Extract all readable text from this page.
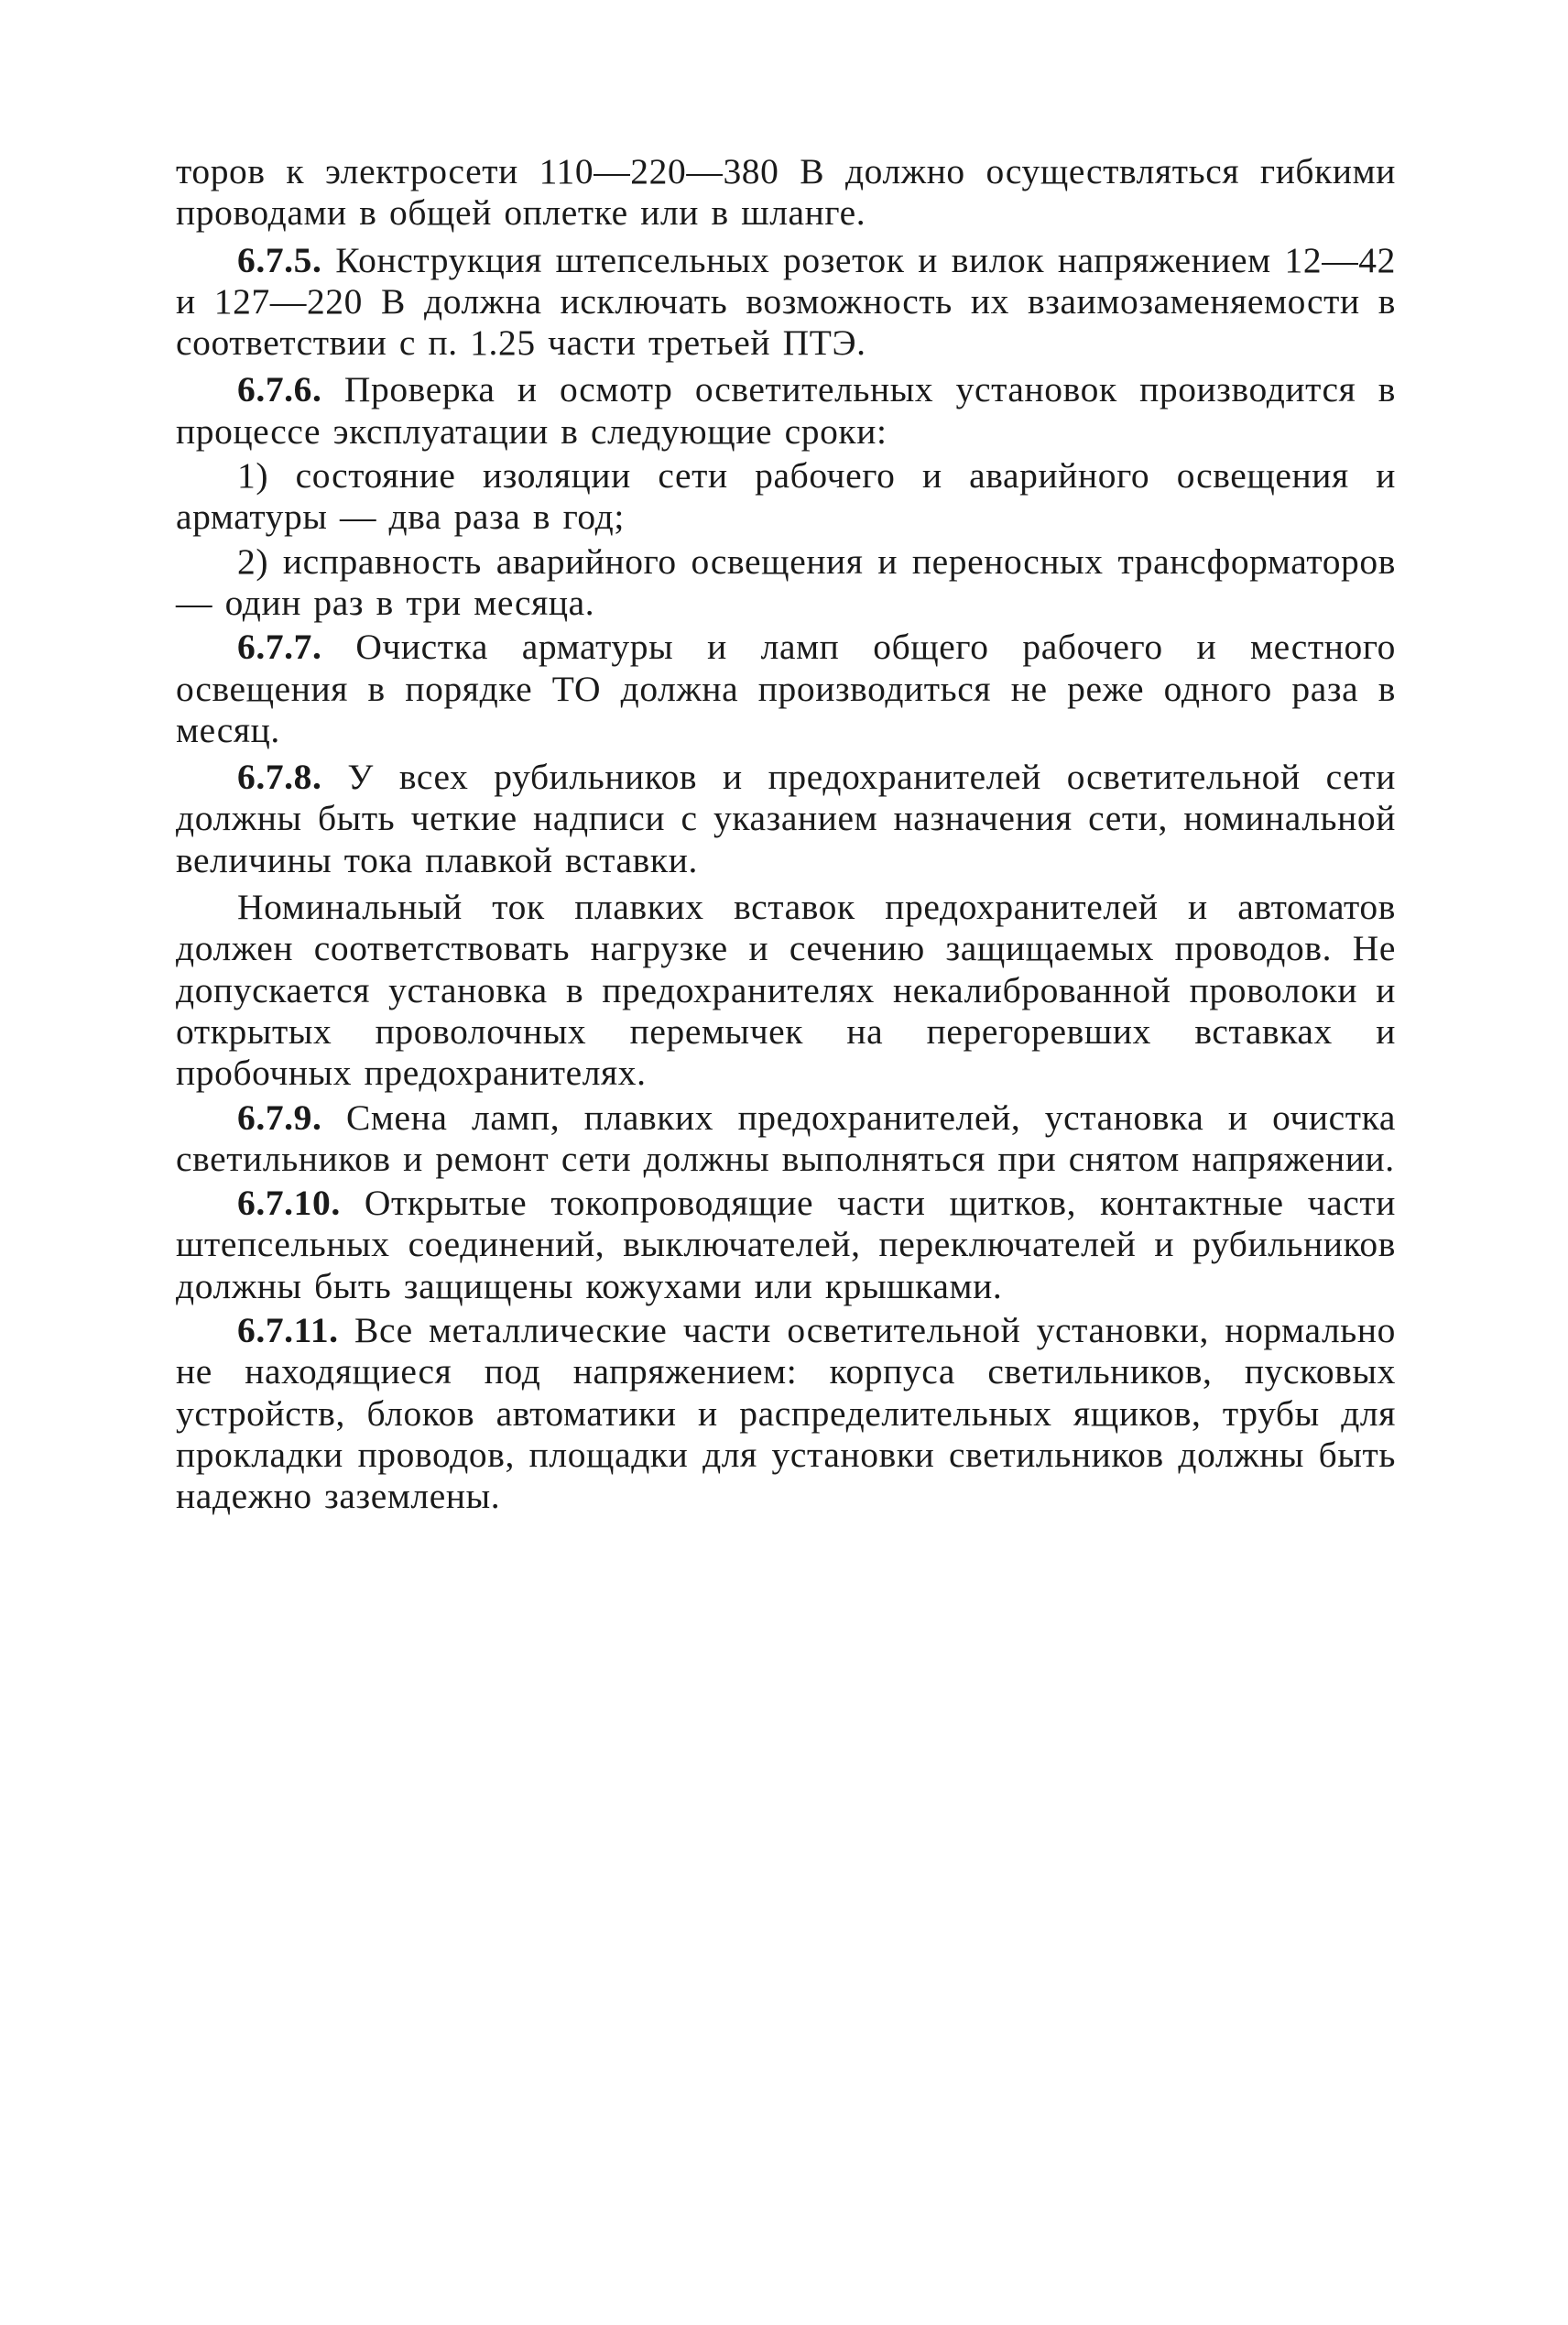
торов к электросети 110—220—380 В должно осуществляться гибкими проводами в общей оплетке или в шланге.

6.7.5. Конструкция штепсельных розеток и вилок напряжением 12—42 и 127—220 В должна исключать возможность их взаимозаменяемости в соответствии с п. 1.25 части третьей ПТЭ.

6.7.6. Проверка и осмотр осветительных установок производится в процессе эксплуатации в следующие сроки:

1) состояние изоляции сети рабочего и аварийного освещения и арматуры — два раза в год;

2) исправность аварийного освещения и переносных трансформаторов — один раз в три месяца.

6.7.7. Очистка арматуры и ламп общего рабочего и местного освещения в порядке ТО должна производиться не реже одного раза в месяц.

6.7.8. У всех рубильников и предохранителей осветительной сети должны быть четкие надписи с указанием назначения сети, номинальной величины тока плавкой вставки.

Номинальный ток плавких вставок предохранителей и автоматов должен соответствовать нагрузке и сечению защищаемых проводов. Не допускается установка в предохранителях некалиброванной проволоки и открытых проволочных перемычек на перегоревших вставках и пробочных предохранителях.

6.7.9. Смена ламп, плавких предохранителей, установка и очистка светильников и ремонт сети должны выполняться при снятом напряжении.

6.7.10. Открытые токопроводящие части щитков, контактные части штепсельных соединений, выключателей, переключателей и рубильников должны быть защищены кожухами или крышками.

6.7.11. Все металлические части осветительной установки, нормально не находящиеся под напряжением: корпуса светильников, пусковых устройств, блоков автоматики и распределительных ящиков, трубы для прокладки проводов, площадки для установки светильников должны быть надежно заземлены.
